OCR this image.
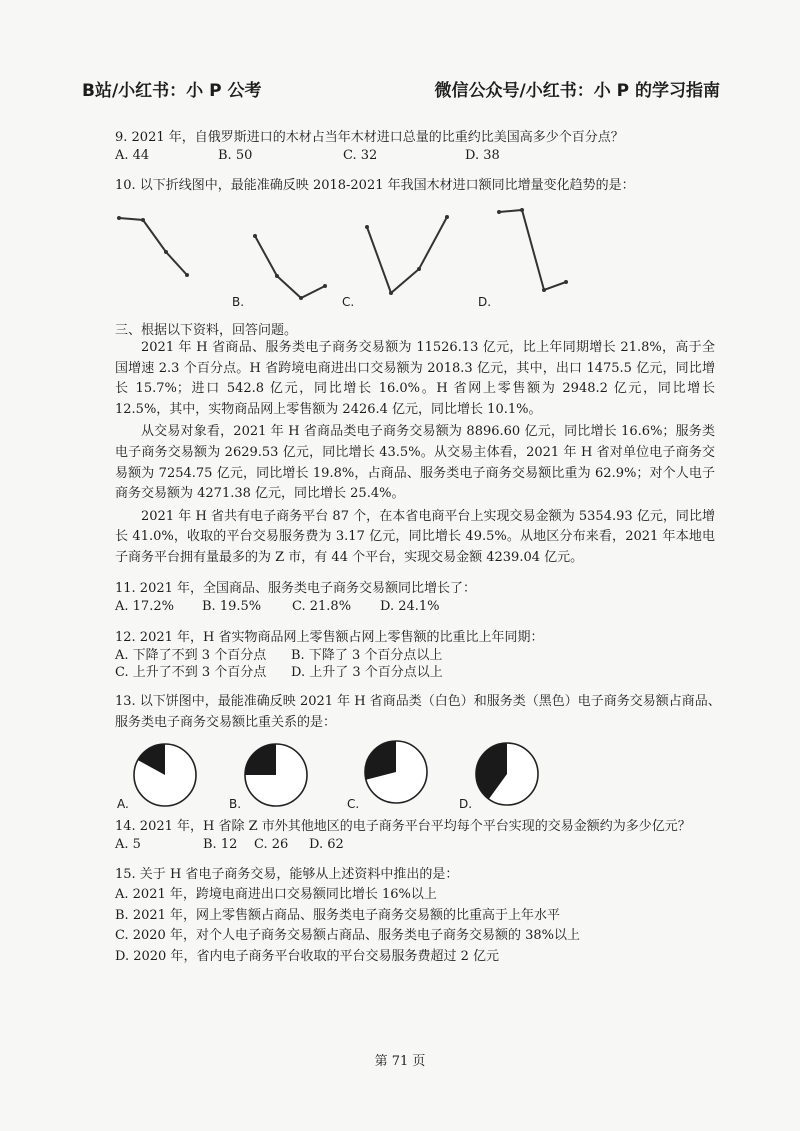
B站/小红书：小 P 公考	微信公众号/小红书：小 P 的学习指南
9. 2021 年，自俄罗斯进口的木材占当年木材进口总量的比重约比美国高多少个百分点？
A. 44	B. 50	C. 32	D. 38
10. 以下折线图中，最能准确反映 2018-2021 年我国木材进口额同比增量变化趋势的是：
B.	C.	D.
三、根据以下资料，回答问题。

2021 年 H 省商品、服务类电子商务交易额为 11526.13 亿元，比上年同期增长 21.8%，高于全国增速 2.3 个百分点。H 省跨境电商进出口交易额为 2018.3 亿元，其中，出口 1475.5 亿元，同比增长 15.7%；进口 542.8 亿元，同比增长 16.0%。H 省网上零售额为 2948.2 亿元，同比增长 12.5%，其中，实物商品网上零售额为 2426.4 亿元，同比增长 10.1%。

从交易对象看，2021 年 H 省商品类电子商务交易额为 8896.60 亿元，同比增长 16.6%；服务类电子商务交易额为 2629.53 亿元，同比增长 43.5%。从交易主体看，2021 年 H 省对单位电子商务交易额为 7254.75 亿元，同比增长 19.8%，占商品、服务类电子商务交易额比重为 62.9%；对个人电子商务交易额为 4271.38 亿元，同比增长 25.4%。

2021 年 H 省共有电子商务平台 87 个，在本省电商平台上实现交易金额为 5354.93 亿元，同比增长 41.0%，收取的平台交易服务费为 3.17 亿元，同比增长 49.5%。从地区分布来看，2021 年本地电子商务平台拥有量最多的为 Z 市，有 44 个平台，实现交易金额 4239.04 亿元。

11. 2021 年，全国商品、服务类电子商务交易额同比增长了：
A. 17.2% B. 19.5% C. 21.8% D. 24.1%
12. 2021 年，H 省实物商品网上零售额占网上零售额的比重比上年同期：
A. 下降了不到 3 个百分点 B. 下降了 3 个百分点以上
C. 上升了不到 3 个百分点 D. 上升了 3 个百分点以上
13. 以下饼图中，最能准确反映 2021 年 H 省商品类（白色）和服务类（黑色）电子商务交易额占商品、
服务类电子商务交易额比重关系的是：
A.	B.	C.	D.
14. 2021 年，H 省除 Z 市外其他地区的电子商务平台平均每个平台实现的交易金额约为多少亿元？
A. 5	B. 12 C. 26 D. 62
15. 关于 H 省电子商务交易，能够从上述资料中推出的是：
A. 2021 年，跨境电商进出口交易额同比增长 16%以上
B. 2021 年，网上零售额占商品、服务类电子商务交易额的比重高于上年水平
C. 2020 年，对个人电子商务交易额占商品、服务类电子商务交易额的 38%以上
D. 2020 年，省内电子商务平台收取的平台交易服务费超过 2 亿元
第 71 页
